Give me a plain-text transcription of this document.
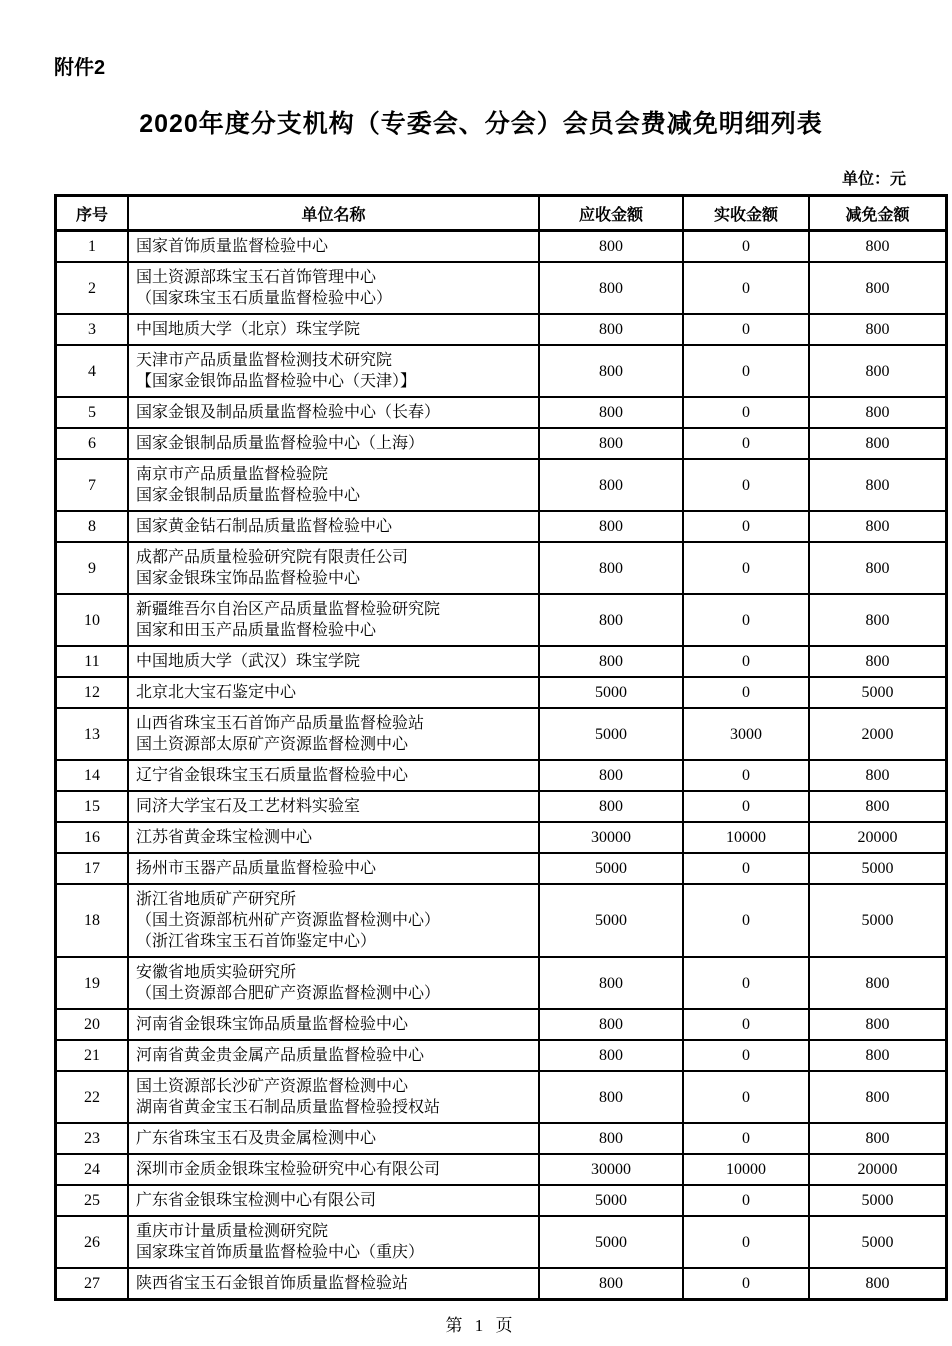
附件2
2020年度分支机构（专委会、分会）会员会费减免明细列表
单位：元
序号	单位名称	应收金额	实收金额	减免金额
1	国家首饰质量监督检验中心	800	0	800
2	国土资源部珠宝玉石首饰管理中心
（国家珠宝玉石质量监督检验中心）	800	0	800
3	中国地质大学（北京）珠宝学院	800	0	800
4	天津市产品质量监督检测技术研究院
【国家金银饰品监督检验中心（天津）】	800	0	800
5	国家金银及制品质量监督检验中心（长春）	800	0	800
6	国家金银制品质量监督检验中心（上海）	800	0	800
7	南京市产品质量监督检验院
国家金银制品质量监督检验中心	800	0	800
8	国家黄金钻石制品质量监督检验中心	800	0	800
9	成都产品质量检验研究院有限责任公司
国家金银珠宝饰品监督检验中心	800	0	800
10	新疆维吾尔自治区产品质量监督检验研究院
国家和田玉产品质量监督检验中心	800	0	800
11	中国地质大学（武汉）珠宝学院	800	0	800
12	北京北大宝石鉴定中心	5000	0	5000
13	山西省珠宝玉石首饰产品质量监督检验站
国土资源部太原矿产资源监督检测中心	5000	3000	2000
14	辽宁省金银珠宝玉石质量监督检验中心	800	0	800
15	同济大学宝石及工艺材料实验室	800	0	800
16	江苏省黄金珠宝检测中心	30000	10000	20000
17	扬州市玉器产品质量监督检验中心	5000	0	5000
18	浙江省地质矿产研究所
（国土资源部杭州矿产资源监督检测中心）
（浙江省珠宝玉石首饰鉴定中心）	5000	0	5000
19	安徽省地质实验研究所
（国土资源部合肥矿产资源监督检测中心）	800	0	800
20	河南省金银珠宝饰品质量监督检验中心	800	0	800
21	河南省黄金贵金属产品质量监督检验中心	800	0	800
22	国土资源部长沙矿产资源监督检测中心
湖南省黄金宝玉石制品质量监督检验授权站	800	0	800
23	广东省珠宝玉石及贵金属检测中心	800	0	800
24	深圳市金质金银珠宝检验研究中心有限公司	30000	10000	20000
25	广东省金银珠宝检测中心有限公司	5000	0	5000
26	重庆市计量质量检测研究院
国家珠宝首饰质量监督检验中心（重庆）	5000	0	5000
27	陕西省宝玉石金银首饰质量监督检验站	800	0	800
第 1 页
